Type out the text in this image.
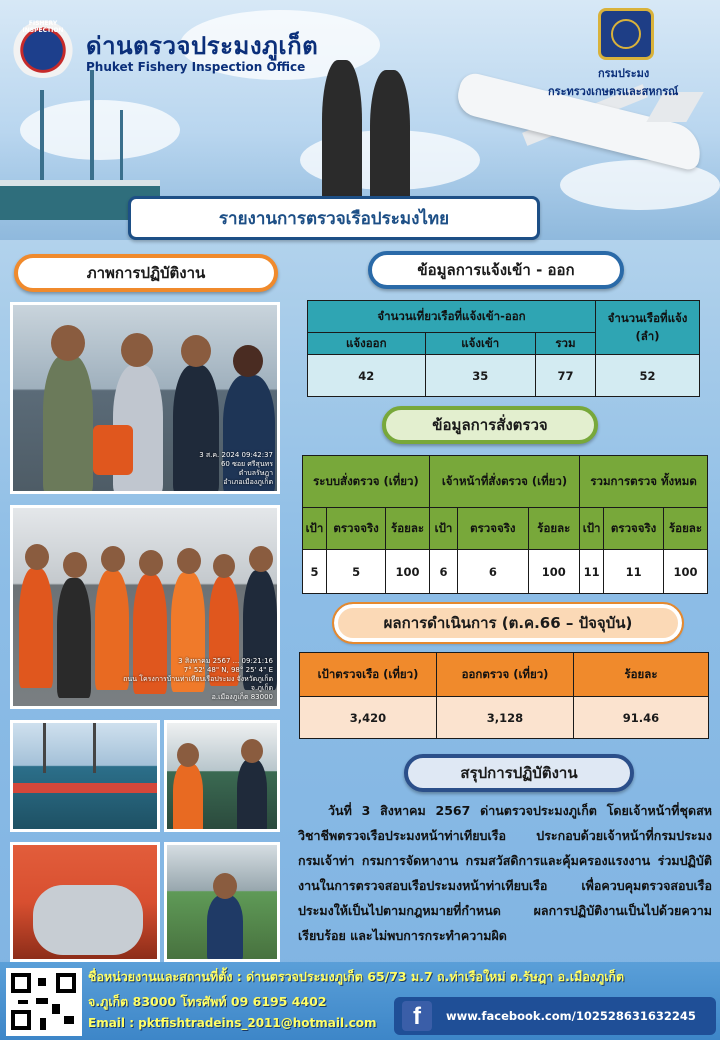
FISHERY INSPECTION
ด่านตรวจประมงภูเก็ต
Phuket Fishery Inspection Office	กรมประมง
กระทรวงเกษตรและสหกรณ์
รายงานการตรวจเรือประมงไทย
ภาพการปฏิบัติงาน
3 ส.ค. 2024 09:42:37
60 ซอย ศรีสุนทร
ตำบลรัษฎา
อำเภอเมืองภูเก็ต
3 สิงหาคม 2567 ... 09:21:16
7° 52' 48" N, 98° 25' 4" E
ถนน โครงการบ้านท่าเทียบเรือประมง จังหวัดภูเก็ต
จ.ภูเก็ต
อ.เมืองภูเก็ต 83000
ข้อมูลการแจ้งเข้า - ออก
จำนวนเที่ยวเรือที่แจ้งเข้า-ออก			จำนวนเรือที่แจ้ง (ลำ)
แจ้งออก	แจ้งเข้า	รวม	
42	35	77	52
ข้อมูลการสั่งตรวจ
ระบบสั่งตรวจ (เที่ยว)			เจ้าหน้าที่สั่งตรวจ (เที่ยว)			รวมการตรวจ ทั้งหมด		
เป้า	ตรวจจริง	ร้อยละ	เป้า	ตรวจจริง	ร้อยละ	เป้า	ตรวจจริง	ร้อยละ
5	5	100	6	6	100	11	11	100
ผลการดำเนินการ (ต.ค.66 – ปัจจุบัน)
เป้าตรวจเรือ (เที่ยว)	ออกตรวจ (เที่ยว)	ร้อยละ
3,420	3,128	91.46
สรุปการปฏิบัติงาน
วันที่ 3 สิงหาคม 2567 ด่านตรวจประมงภูเก็ต โดยเจ้าหน้าที่ชุดสหวิชาชีพตรวจเรือประมงหน้าท่าเทียบเรือ ประกอบด้วยเจ้าหน้าที่กรมประมง กรมเจ้าท่า กรมการจัดหางาน กรมสวัสดิการและคุ้มครองแรงงาน ร่วมปฏิบัติงานในการตรวจสอบเรือประมงหน้าท่าเทียบเรือ เพื่อควบคุมตรวจสอบเรือประมงให้เป็นไปตามกฎหมายที่กำหนด ผลการปฏิบัติงานเป็นไปด้วยความเรียบร้อย และไม่พบการกระทำความผิด
ชื่อหน่วยงานและสถานที่ตั้ง : ด่านตรวจประมงภูเก็ต 65/73 ม.7 ถ.ท่าเรือใหม่ ต.รัษฎา อ.เมืองภูเก็ต
จ.ภูเก็ต 83000 โทรศัพท์ 09 6195 4402
Email : pktfishtradeins_2011@hotmail.com	f	www.facebook.com/102528631632245
